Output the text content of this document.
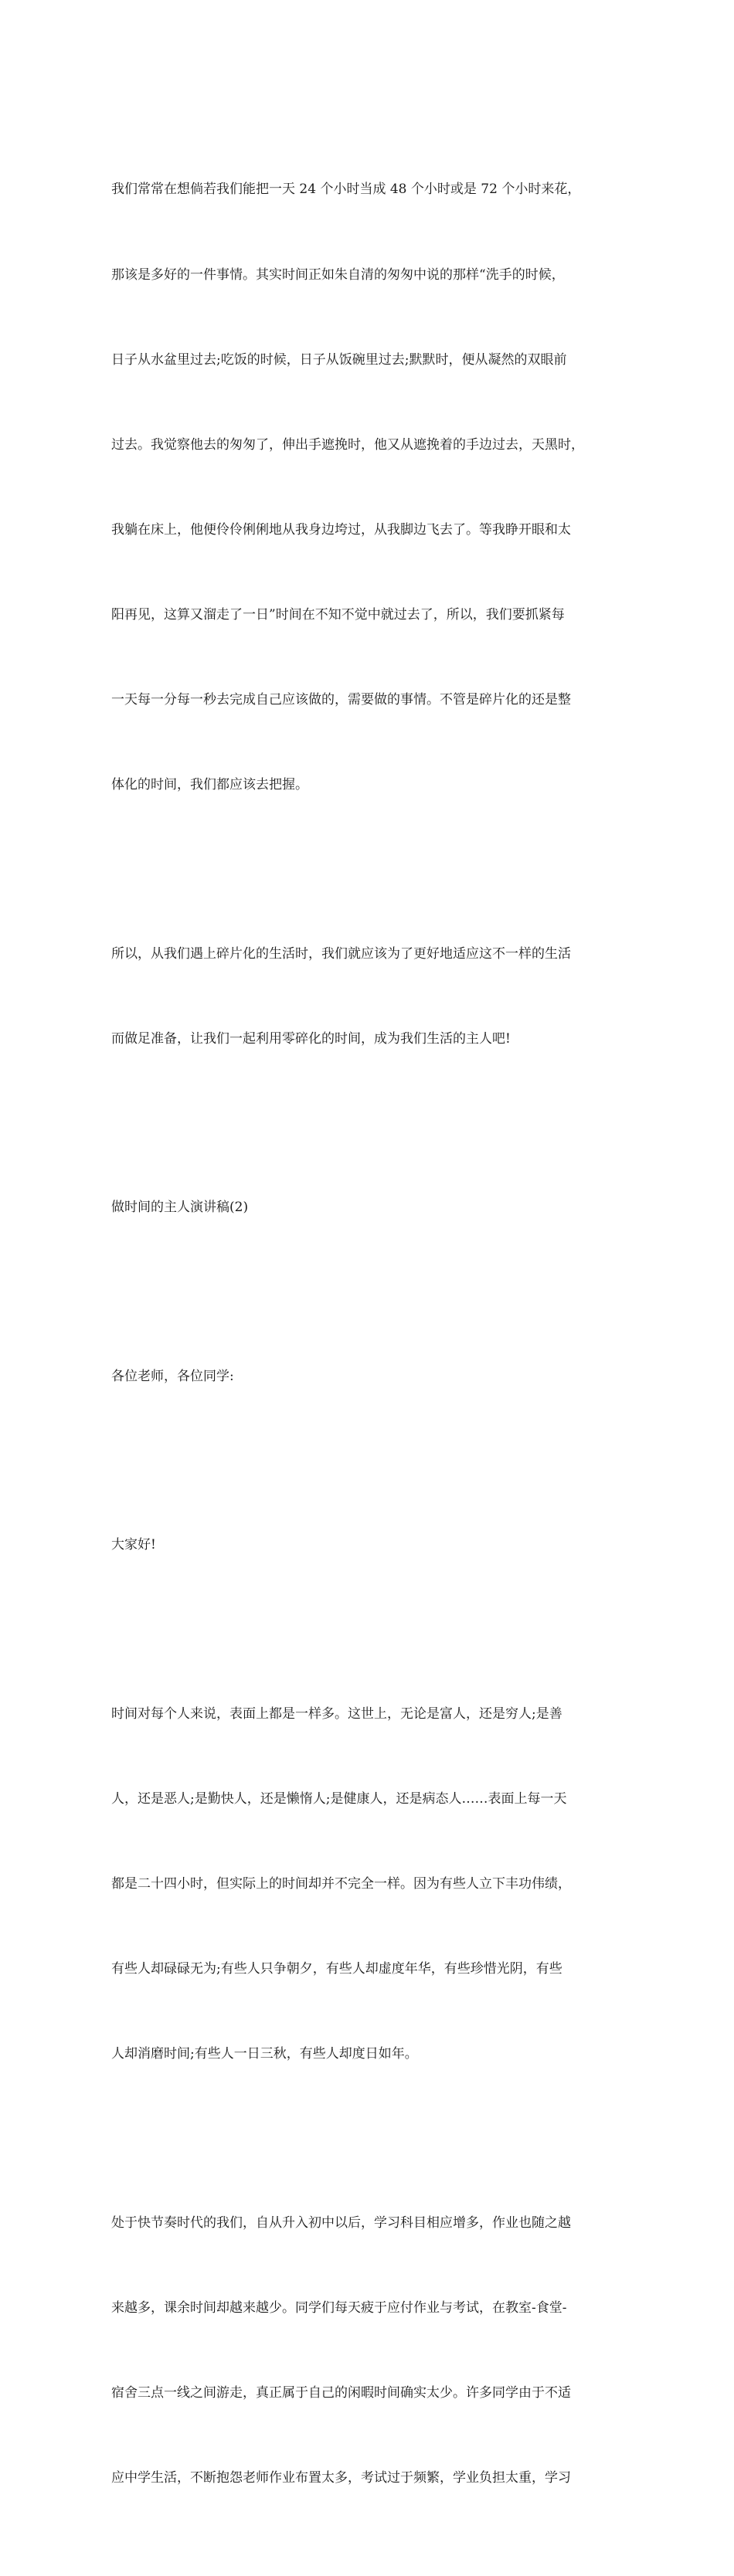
我们常常在想倘若我们能把一天 24 个小时当成 48 个小时或是 72 个小时来花，

那该是多好的一件事情。其实时间正如朱自清的匆匆中说的那样“洗手的时候，

日子从水盆里过去;吃饭的时候，日子从饭碗里过去;默默时，便从凝然的双眼前

过去。我觉察他去的匆匆了，伸出手遮挽时，他又从遮挽着的手边过去，天黑时，

我躺在床上，他便伶伶俐俐地从我身边垮过，从我脚边飞去了。等我睁开眼和太

阳再见，这算又溜走了一日”时间在不知不觉中就过去了，所以，我们要抓紧每

一天每一分每一秒去完成自己应该做的，需要做的事情。不管是碎片化的还是整

体化的时间，我们都应该去把握。

所以，从我们遇上碎片化的生活时，我们就应该为了更好地适应这不一样的生活

而做足准备，让我们一起利用零碎化的时间，成为我们生活的主人吧!

做时间的主人演讲稿(2)

各位老师，各位同学:

大家好!

时间对每个人来说，表面上都是一样多。这世上，无论是富人，还是穷人;是善

人，还是恶人;是勤快人，还是懒惰人;是健康人，还是病态人……表面上每一天

都是二十四小时，但实际上的时间却并不完全一样。因为有些人立下丰功伟绩，

有些人却碌碌无为;有些人只争朝夕，有些人却虚度年华，有些珍惜光阴，有些

人却消磨时间;有些人一日三秋，有些人却度日如年。

处于快节奏时代的我们，自从升入初中以后，学习科目相应增多，作业也随之越

来越多，课余时间却越来越少。同学们每天疲于应付作业与考试，在教室-食堂-

宿舍三点一线之间游走，真正属于自己的闲暇时间确实太少。许多同学由于不适

应中学生活，不断抱怨老师作业布置太多，考试过于频繁，学业负担太重，学习
